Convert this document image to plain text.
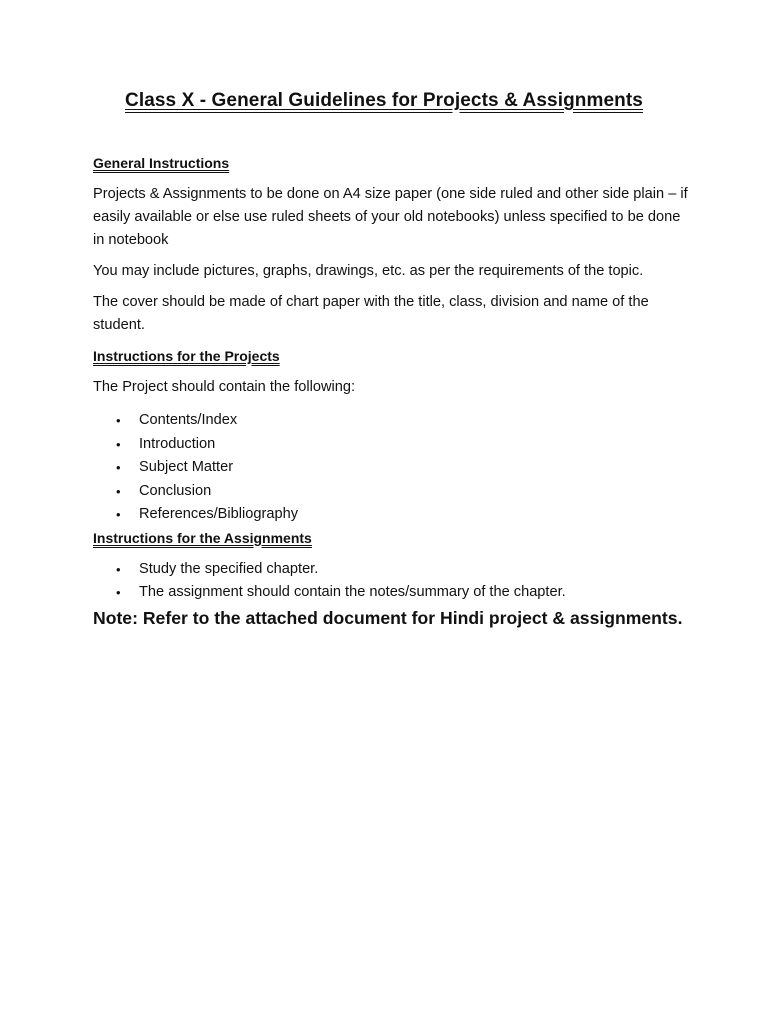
Class X - General Guidelines for Projects & Assignments
General Instructions

Projects & Assignments to be done on A4 size paper (one side ruled and other side plain – if easily available or else use ruled sheets of your old notebooks) unless specified to be done in notebook

You may include pictures, graphs, drawings, etc. as per the requirements of the topic.

The cover should be made of chart paper with the title, class, division and name of the student.

Instructions for the Projects

The Project should contain the following:

• Contents/Index
• Introduction
• Subject Matter
• Conclusion
• References/Bibliography
Instructions for the Assignments
• Study the specified chapter.
• The assignment should contain the notes/summary of the chapter.

Note: Refer to the attached document for Hindi project & assignments.
